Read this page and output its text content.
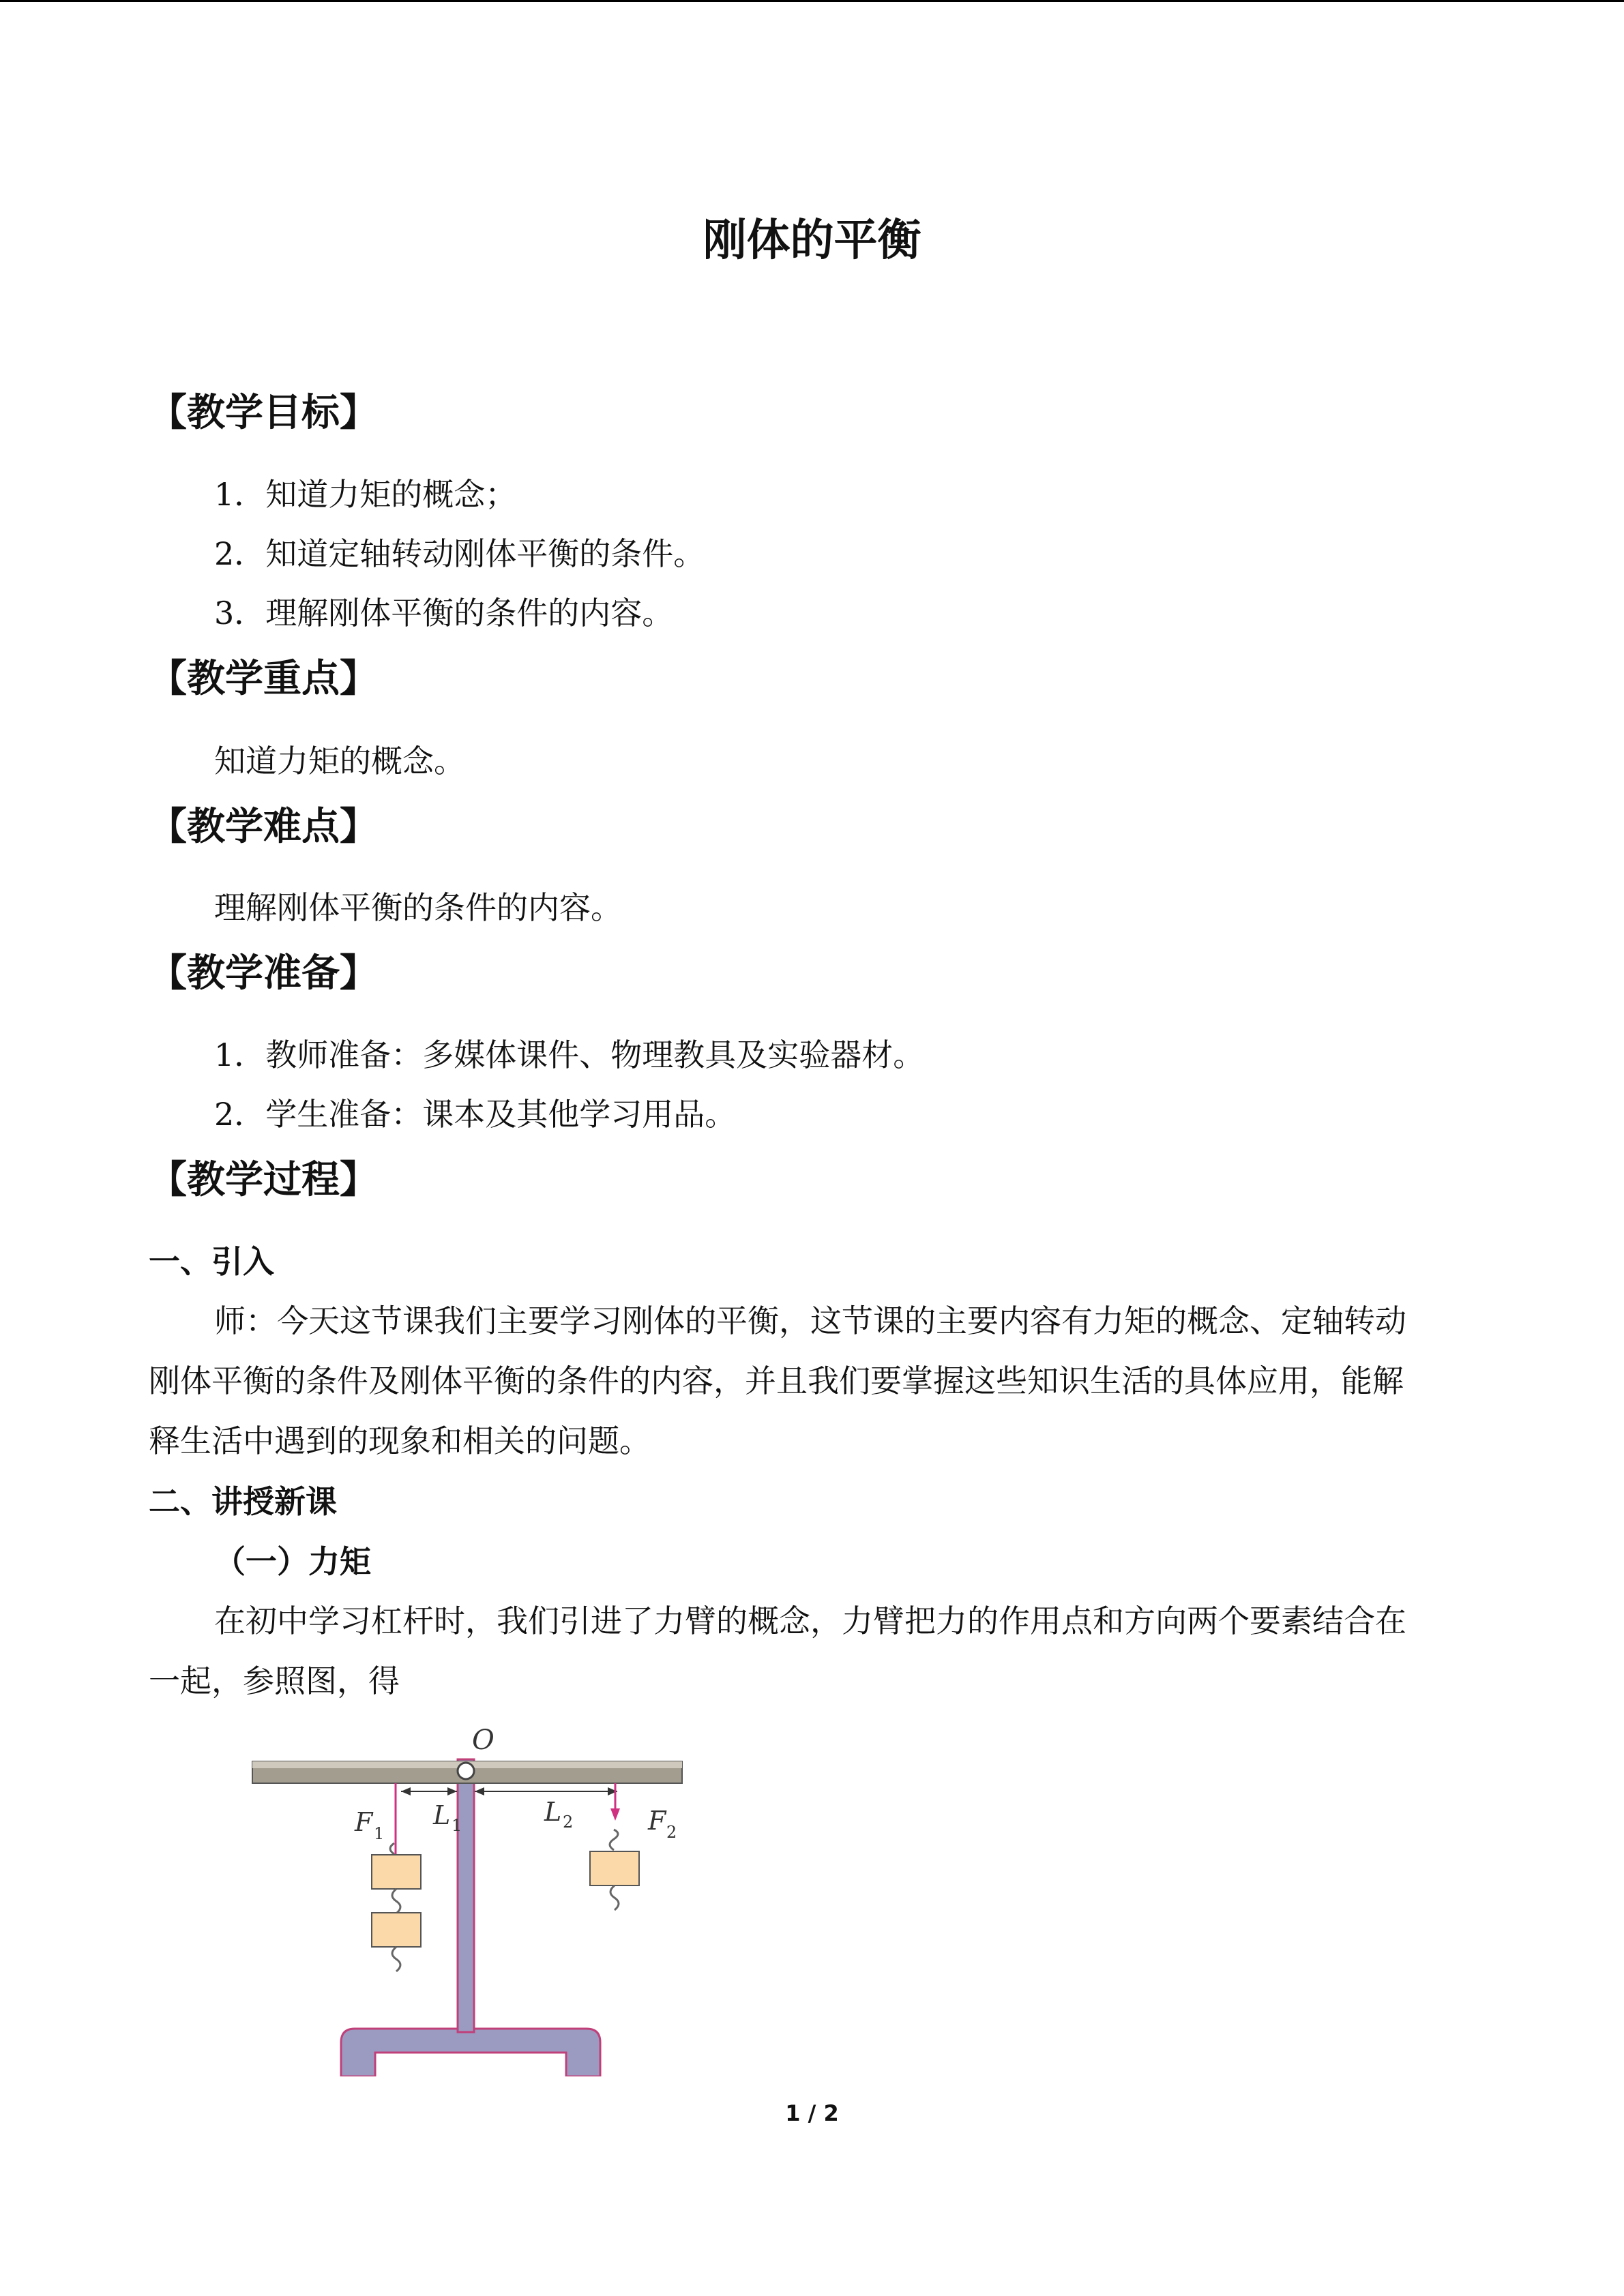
刚体的平衡
【教学目标】
1．知道力矩的概念；
2．知道定轴转动刚体平衡的条件。
3．理解刚体平衡的条件的内容。
【教学重点】
知道力矩的概念。
【教学难点】
理解刚体平衡的条件的内容。
【教学准备】
1．教师准备：多媒体课件、物理教具及实验器材。
2．学生准备：课本及其他学习用品。
【教学过程】
一、引入
师：今天这节课我们主要学习刚体的平衡，这节课的主要内容有力矩的概念、定轴转动
刚体平衡的条件及刚体平衡的条件的内容，并且我们要掌握这些知识生活的具体应用，能解
释生活中遇到的现象和相关的问题。
二、讲授新课
（一）力矩
在初中学习杠杆时，我们引进了力臂的概念，力臂把力的作用点和方向两个要素结合在
一起，参照图，得
O
F 1
L 1	L 2	F 2
1 / 2
